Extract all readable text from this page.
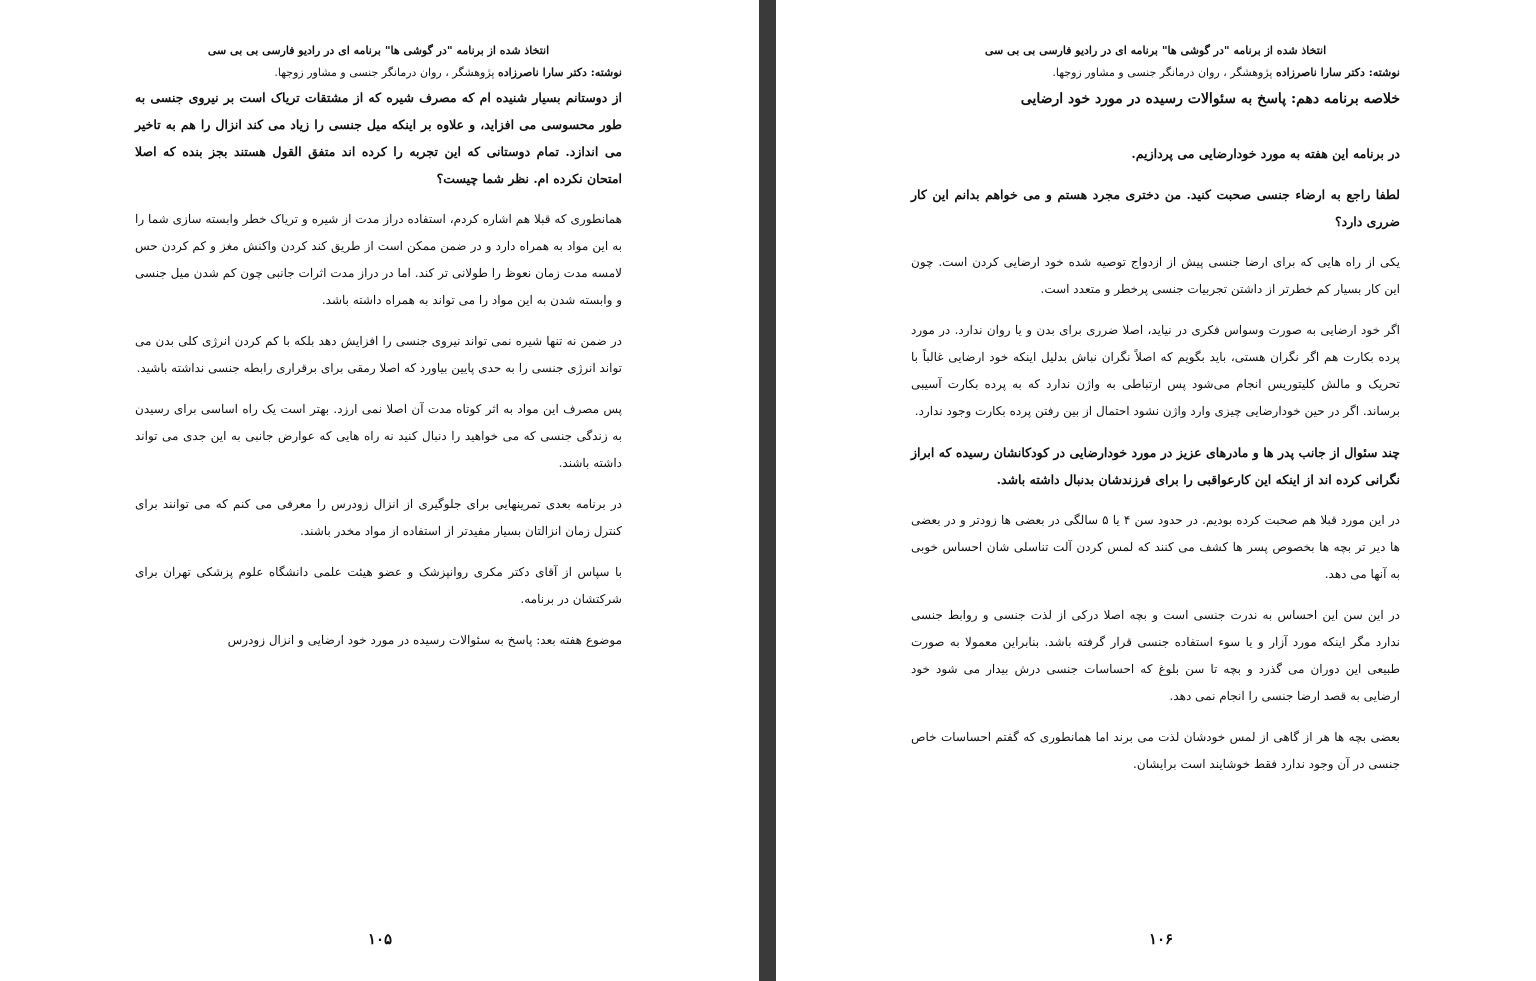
انتخاذ شده از برنامه "در گوشی ها" برنامه ای در رادیو فارسی بی بی سی
نوشته: دکتر سارا ناصرزاده پژوهشگر ، روان درمانگر جنسی و مشاور زوجها.

از دوستانم بسیار شنیده ام که مصرف شیره که از مشتقات تریاک است بر نیروی جنسی به طور محسوسی می افزاید، و علاوه بر اینکه میل جنسی را زیاد می کند انزال را هم به تاخیر می اندازد. تمام دوستانی که این تجربه را کرده اند متفق القول هستند بجز بنده که اصلا امتحان نکرده ام. نظر شما چیست؟

همانطوری که قبلا هم اشاره کردم، استفاده دراز مدت از شیره و تریاک خطر وابسته سازی شما را به این مواد به همراه دارد و در ضمن ممکن است از طریق کند کردن واکنش مغز و کم کردن حس لامسه مدت زمان نعوظ را طولانی تر کند. اما در دراز مدت اثرات جانبی چون کم شدن میل جنسی و وابسته شدن به این مواد را می تواند به همراه داشته باشد.

در ضمن نه تنها شیره نمی تواند نیروی جنسی را افزایش دهد بلکه با کم کردن انرژی کلی بدن می تواند انرژی جنسی را به حدی پایین بیاورد که اصلا رمقی برای برقراری رابطه جنسی نداشته باشید.

پس مصرف این مواد به اثر کوتاه مدت آن اصلا نمی ارزد. بهتر است یک راه اساسی برای رسیدن به زندگی جنسی که می خواهید را دنبال کنید نه راه هایی که عوارض جانبی به این جدی می تواند داشته باشند.

در برنامه بعدی تمرینهایی برای جلوگیری از انزال زودرس را معرفی می کنم که می توانند برای کنترل زمان انزالتان بسیار مفیدتر از استفاده از مواد مخدر باشند.

با سپاس از آقای دکتر مکری روانپزشک و عضو هیئت علمی دانشگاه علوم پزشکی تهران برای شرکتشان در برنامه.

موضوع هفته بعد: پاسخ به سئوالات رسیده در مورد خود ارضایی و انزال زودرس

۱۰۵
انتخاذ شده از برنامه "در گوشی ها" برنامه ای در رادیو فارسی بی بی سی
نوشته: دکتر سارا ناصرزاده پژوهشگر ، روان درمانگر جنسی و مشاور زوجها.
خلاصه برنامه دهم: پاسخ به سئوالات رسیده در مورد خود ارضایی

در برنامه این هفته به مورد خودارضایی می پردازیم.

لطفا راجع به ارضاء جنسی صحبت کنید. من دختری مجرد هستم و می خواهم بدانم این کار ضرری دارد؟

یکی از راه هایی که برای ارضا جنسی پیش از ازدواج توصیه شده خود ارضایی کردن است. چون این کار بسیار کم خطرتر از داشتن تجربیات جنسی پرخطر و متعدد است.

اگر خود ارضایی به صورت وسواس فکری در نیاید، اصلا ضرری برای بدن و یا روان ندارد. در مورد پرده بکارت هم اگر نگران هستی، باید بگویم که اصلاً نگران نباش بدلیل اینکه خود ارضایی غالباً با تحریک و مالش کلیتوریس انجام می‌شود پس ارتباطی به واژن ندارد که به پرده بکارت آسیبی برساند. اگر در حین خودارضایی چیزی وارد واژن نشود احتمال از بین رفتن پرده بکارت وجود ندارد.

چند سئوال از جانب پدر ها و مادرهای عزیز در مورد خودارضایی در کودکانشان رسیده که ابراز نگرانی کرده اند از اینکه این کارعواقبی را برای فرزندشان بدنبال داشته باشد.

در این مورد قبلا هم صحبت کرده بودیم. در حدود سن ۴ یا ۵ سالگی در بعضی ها زودتر و در بعضی ها دیر تر بچه ها بخصوص پسر ها کشف می کنند که لمس کردن آلت تناسلی شان احساس خوبی به آنها می دهد.

در این سن این احساس به ندرت جنسی است و بچه اصلا درکی از لذت جنسی و روابط جنسی ندارد مگر اینکه مورد آزار و یا سوء استفاده جنسی قرار گرفته باشد. بنابراین معمولا به صورت طبیعی این دوران می گذرد و بچه تا سن بلوغ که احساسات جنسی درش بیدار می شود خود ارضایی به قصد ارضا جنسی را انجام نمی دهد.

بعضی بچه ها هر از گاهی از لمس خودشان لذت می برند اما همانطوری که گفتم احساسات خاص جنسی در آن وجود ندارد فقط خوشایند است برایشان.

۱۰۶
